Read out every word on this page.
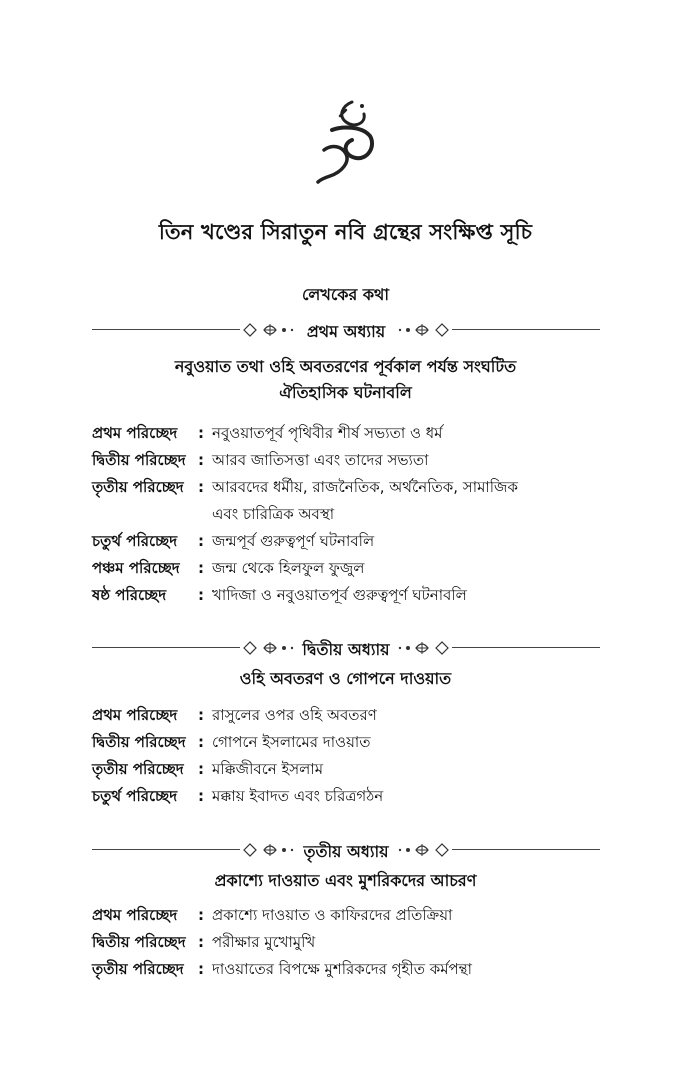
তিন খণ্ডের সিরাতুন নবি গ্রন্থের সংক্ষিপ্ত সূচি
লেখকের কথা
প্রথম অধ্যায়
নবুওয়াত তথা ওহি অবতরণের পূর্বকাল পর্যন্ত সংঘটিত
ঐতিহাসিক ঘটনাবলি
প্রথম পরিচ্ছেদ	: নবুওয়াতপূর্ব পৃথিবীর শীর্ষ সভ্যতা ও ধর্ম
দ্বিতীয় পরিচ্ছেদ : আরব জাতিসত্তা এবং তাদের সভ্যতা
তৃতীয় পরিচ্ছেদ : আরবদের ধর্মীয়, রাজনৈতিক, অর্থনৈতিক, সামাজিক
এবং চারিত্রিক অবস্থা
চতুর্থ পরিচ্ছেদ	: জন্মপূর্ব গুরুত্বপূর্ণ ঘটনাবলি
পঞ্চম পরিচ্ছেদ	: জন্ম থেকে হিলফুল ফুজুল
ষষ্ঠ পরিচ্ছেদ	: খাদিজা ও নবুওয়াতপূর্ব গুরুত্বপূর্ণ ঘটনাবলি
দ্বিতীয় অধ্যায়
ওহি অবতরণ ও গোপনে দাওয়াত
প্রথম পরিচ্ছেদ	: রাসুলের ওপর ওহি অবতরণ
দ্বিতীয় পরিচ্ছেদ : গোপনে ইসলামের দাওয়াত
তৃতীয় পরিচ্ছেদ : মক্কিজীবনে ইসলাম
চতুর্থ পরিচ্ছেদ	: মক্কায় ইবাদত এবং চরিত্রগঠন
তৃতীয় অধ্যায়
প্রকাশ্যে দাওয়াত এবং মুশরিকদের আচরণ
প্রথম পরিচ্ছেদ	: প্রকাশ্যে দাওয়াত ও কাফিরদের প্রতিক্রিয়া
দ্বিতীয় পরিচ্ছেদ : পরীক্ষার মুখোমুখি
তৃতীয় পরিচ্ছেদ : দাওয়াতের বিপক্ষে মুশরিকদের গৃহীত কর্মপন্থা
